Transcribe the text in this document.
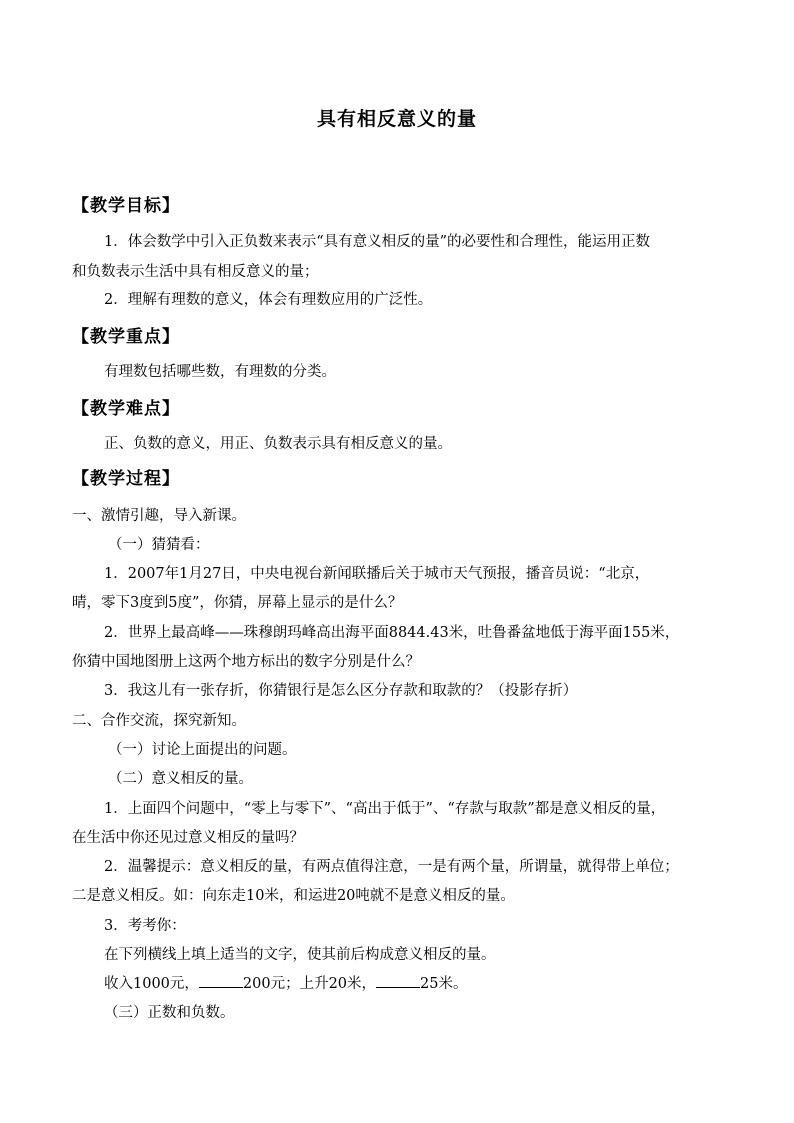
具有相反意义的量
【教学目标】
1．体会数学中引入正负数来表示“具有意义相反的量”的必要性和合理性，能运用正数
和负数表示生活中具有相反意义的量；
2．理解有理数的意义，体会有理数应用的广泛性。
【教学重点】
有理数包括哪些数，有理数的分类。
【教学难点】
正、负数的意义，用正、负数表示具有相反意义的量。
【教学过程】
一、激情引趣，导入新课。
（一）猜猜看：
1．2007年1月27日，中央电视台新闻联播后关于城市天气预报，播音员说：“北京，
晴，零下3度到5度”，你猜，屏幕上显示的是什么？
2．世界上最高峰——珠穆朗玛峰高出海平面8844.43米，吐鲁番盆地低于海平面155米，
你猜中国地图册上这两个地方标出的数字分别是什么？
3．我这儿有一张存折，你猜银行是怎么区分存款和取款的？（投影存折）
二、合作交流，探究新知。
（一）讨论上面提出的问题。
（二）意义相反的量。
1．上面四个问题中，“零上与零下”、“高出于低于”、“存款与取款”都是意义相反的量，
在生活中你还见过意义相反的量吗？
2．温馨提示：意义相反的量，有两点值得注意，一是有两个量，所谓量，就得带上单位；
二是意义相反。如：向东走10米，和运进20吨就不是意义相反的量。
3．考考你：
在下列横线上填上适当的文字，使其前后构成意义相反的量。
收入1000元，	200元；上升20米，	25米。
（三）正数和负数。
